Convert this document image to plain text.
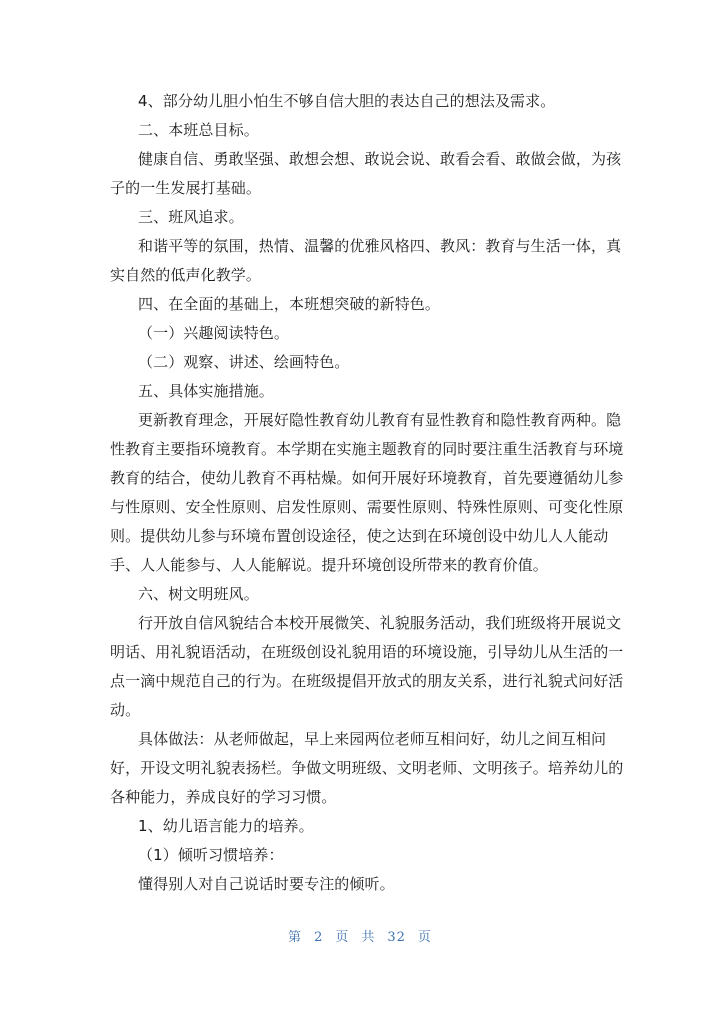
4、部分幼儿胆小怕生不够自信大胆的表达自己的想法及需求。
二、本班总目标。
健康自信、勇敢坚强、敢想会想、敢说会说、敢看会看、敢做会做，为孩
子的一生发展打基础。
三、班风追求。
和谐平等的氛围，热情、温馨的优雅风格四、教风：教育与生活一体，真
实自然的低声化教学。
四、在全面的基础上，本班想突破的新特色。
（一）兴趣阅读特色。
（二）观察、讲述、绘画特色。
五、具体实施措施。
更新教育理念，开展好隐性教育幼儿教育有显性教育和隐性教育两种。隐
性教育主要指环境教育。本学期在实施主题教育的同时要注重生活教育与环境
教育的结合，使幼儿教育不再枯燥。如何开展好环境教育，首先要遵循幼儿参
与性原则、安全性原则、启发性原则、需要性原则、特殊性原则、可变化性原
则。提供幼儿参与环境布置创设途径，使之达到在环境创设中幼儿人人能动
手、人人能参与、人人能解说。提升环境创设所带来的教育价值。
六、树文明班风。
行开放自信风貌结合本校开展微笑、礼貌服务活动，我们班级将开展说文
明话、用礼貌语活动，在班级创设礼貌用语的环境设施，引导幼儿从生活的一
点一滴中规范自己的行为。在班级提倡开放式的朋友关系，进行礼貌式问好活
动。
具体做法：从老师做起，早上来园两位老师互相问好，幼儿之间互相问
好，开设文明礼貌表扬栏。争做文明班级、文明老师、文明孩子。培养幼儿的
各种能力，养成良好的学习习惯。
1、幼儿语言能力的培养。
（1）倾听习惯培养：
懂得别人对自己说话时要专注的倾听。
第 2 页 共 32 页
